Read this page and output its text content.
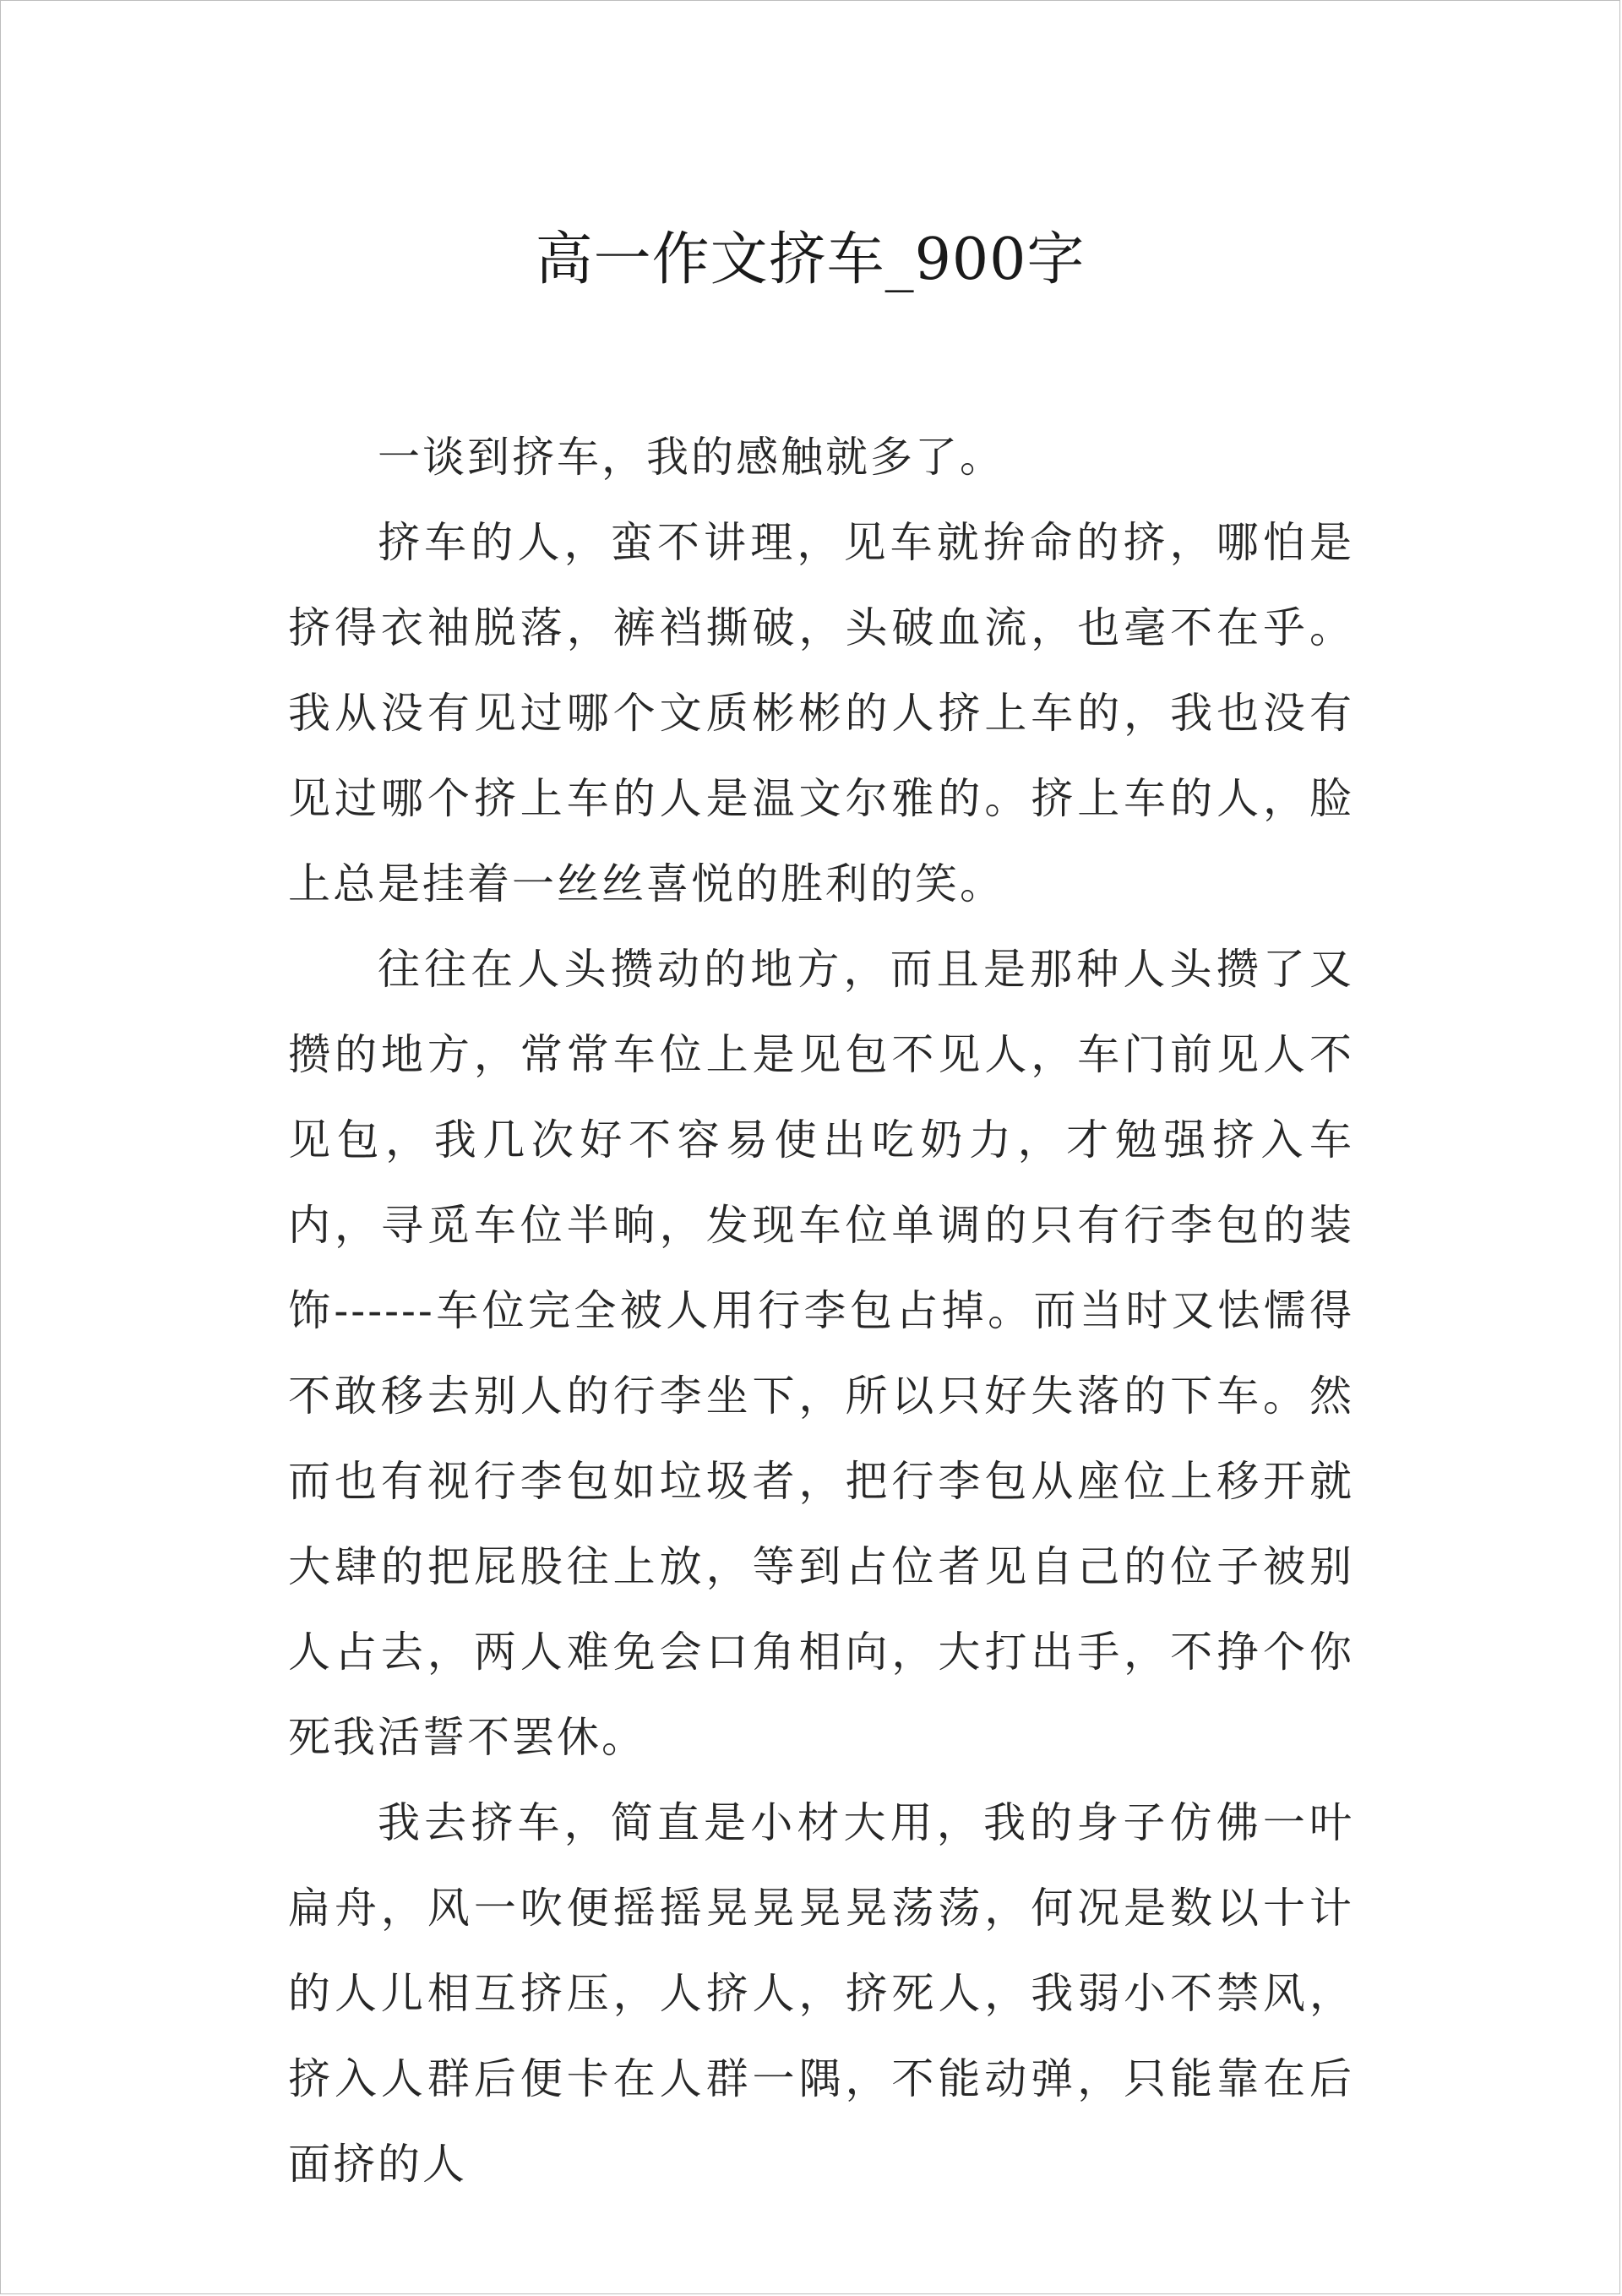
高一作文挤车_900字

一谈到挤车，我的感触就多了。

挤车的人，蛮不讲理，见车就拚命的挤，哪怕是挤得衣袖脱落，裤裆撕破，头破血流，也毫不在乎。我从没有见过哪个文质彬彬的人挤上车的，我也没有见过哪个挤上车的人是温文尔雅的。挤上车的人，脸上总是挂着一丝丝喜悦的胜利的笑。

往往在人头攒动的地方，而且是那种人头攒了又攒的地方，常常车位上是见包不见人，车门前见人不见包，我几次好不容易使出吃奶力，才勉强挤入车内，寻觅车位半晌，发现车位单调的只有行李包的装饰------车位完全被人用行李包占掉。而当时又怯懦得不敢移去别人的行李坐下，所以只好失落的下车。然而也有视行李包如垃圾者，把行李包从座位上移开就大肆的把屁股往上放，等到占位者见自己的位子被别人占去，两人难免会口角相向，大打出手，不挣个你死我活誓不罢休。

我去挤车，简直是小材大用，我的身子仿佛一叶扁舟，风一吹便摇摇晃晃晃晃荡荡，何况是数以十计的人儿相互挤压，人挤人，挤死人，我弱小不禁风，挤入人群后便卡在人群一隅，不能动弹，只能靠在后面挤的人
